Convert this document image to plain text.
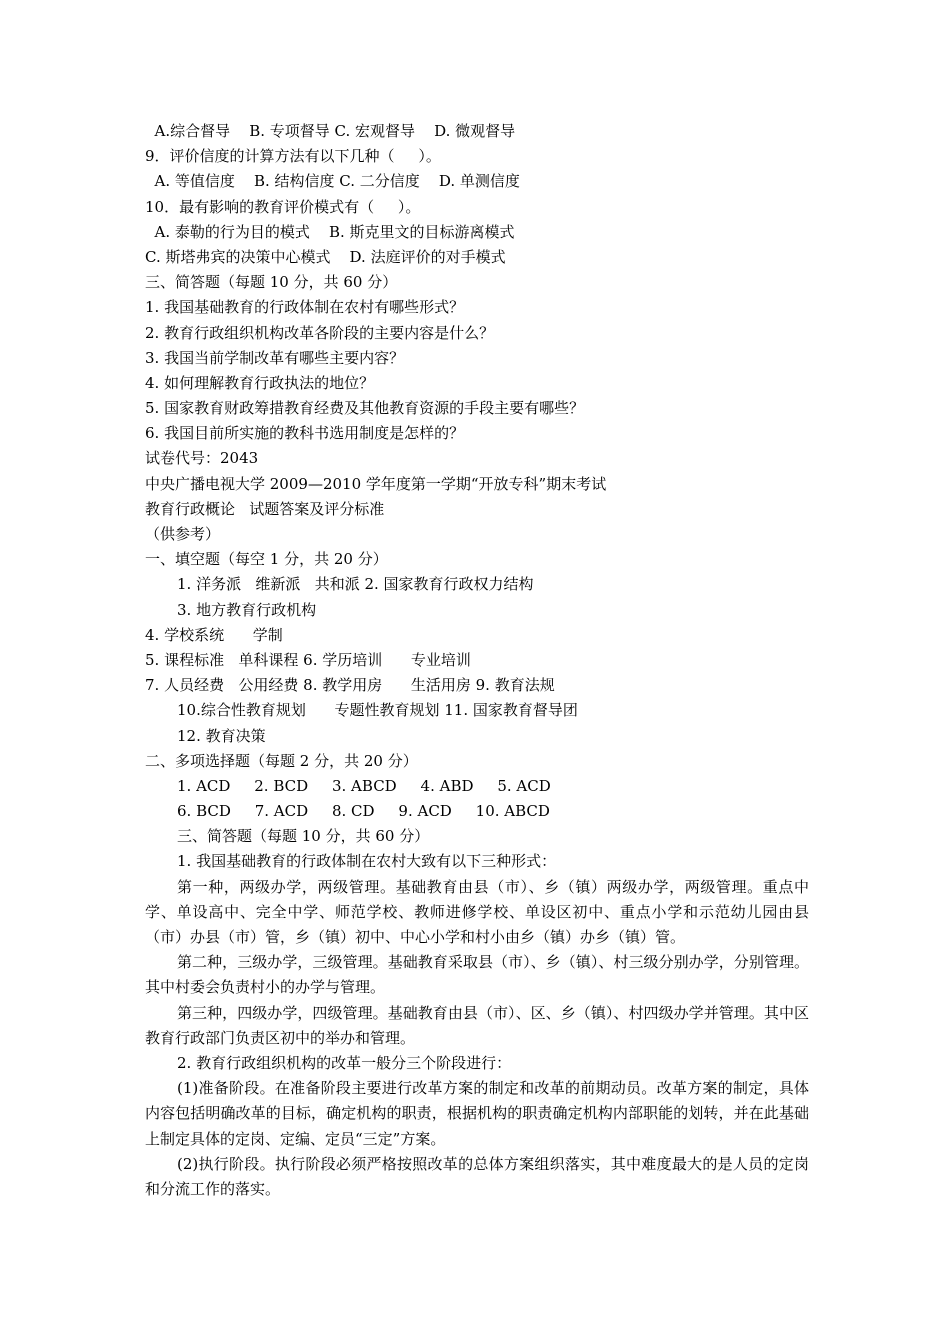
A.综合督导    B. 专项督导 C. 宏观督导    D. 微观督导
9．评价信度的计算方法有以下几种（     ）。
A. 等值信度    B. 结构信度 C. 二分信度    D. 单测信度
10．最有影响的教育评价模式有（     ）。
A. 泰勒的行为目的模式    B. 斯克里文的目标游离模式
C. 斯塔弗宾的决策中心模式    D. 法庭评价的对手模式
三、简答题（每题 10 分，共 60 分）
1. 我国基础教育的行政体制在农村有哪些形式？
2. 教育行政组织机构改革各阶段的主要内容是什么？
3. 我国当前学制改革有哪些主要内容？
4. 如何理解教育行政执法的地位？
5. 国家教育财政筹措教育经费及其他教育资源的手段主要有哪些？
6. 我国目前所实施的教科书选用制度是怎样的？
试卷代号：2043
中央广播电视大学 2009—2010 学年度第一学期“开放专科”期末考试
教育行政概论   试题答案及评分标准
（供参考）
一、填空题（每空 1 分，共 20 分）
1. 洋务派   维新派   共和派 2. 国家教育行政权力结构
3. 地方教育行政机构
4. 学校系统      学制
5. 课程标准   单科课程 6. 学历培训      专业培训
7. 人员经费   公用经费 8. 教学用房      生活用房 9. 教育法规
10.综合性教育规划      专题性教育规划 11. 国家教育督导团
12. 教育决策
二、多项选择题（每题 2 分，共 20 分）
1. ACD     2. BCD     3. ABCD     4. ABD     5. ACD
6. BCD     7. ACD     8. CD     9. ACD     10. ABCD
三、简答题（每题 10 分，共 60 分）
1. 我国基础教育的行政体制在农村大致有以下三种形式：
第一种，两级办学，两级管理。基础教育由县（市）、乡（镇）两级办学，两级管理。重点中学、单设高中、完全中学、师范学校、教师进修学校、单设区初中、重点小学和示范幼儿园由县（市）办县（市）管，乡（镇）初中、中心小学和村小由乡（镇）办乡（镇）管。
第二种，三级办学，三级管理。基础教育采取县（市）、乡（镇）、村三级分别办学，分别管理。其中村委会负责村小的办学与管理。
第三种，四级办学，四级管理。基础教育由县（市）、区、乡（镇）、村四级办学并管理。其中区教育行政部门负责区初中的举办和管理。
2. 教育行政组织机构的改革一般分三个阶段进行：
(1)准备阶段。在准备阶段主要进行改革方案的制定和改革的前期动员。改革方案的制定，具体内容包括明确改革的目标，确定机构的职责，根据机构的职责确定机构内部职能的划转，并在此基础上制定具体的定岗、定编、定员“三定”方案。
(2)执行阶段。执行阶段必须严格按照改革的总体方案组织落实，其中难度最大的是人员的定岗和分流工作的落实。
